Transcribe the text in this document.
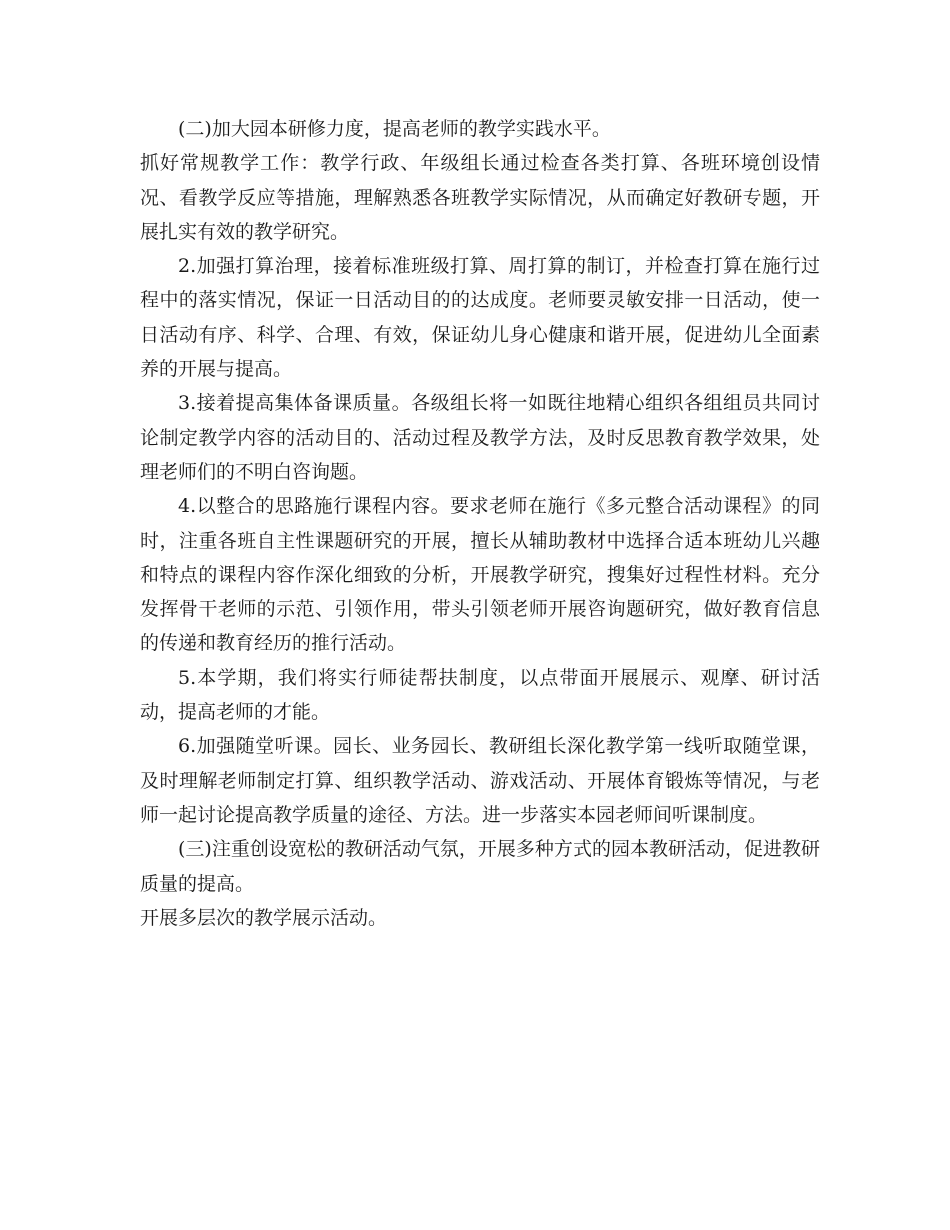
(二)加大园本研修力度，提高老师的教学实践水平。

抓好常规教学工作：教学行政、年级组长通过检查各类打算、各班环境创设情况、看教学反应等措施，理解熟悉各班教学实际情况，从而确定好教研专题，开展扎实有效的教学研究。

2.加强打算治理，接着标准班级打算、周打算的制订，并检查打算在施行过程中的落实情况，保证一日活动目的的达成度。老师要灵敏安排一日活动，使一日活动有序、科学、合理、有效，保证幼儿身心健康和谐开展，促进幼儿全面素养的开展与提高。

3.接着提高集体备课质量。各级组长将一如既往地精心组织各组组员共同讨论制定教学内容的活动目的、活动过程及教学方法，及时反思教育教学效果，处理老师们的不明白咨询题。

4.以整合的思路施行课程内容。要求老师在施行《多元整合活动课程》的同时，注重各班自主性课题研究的开展，擅长从辅助教材中选择合适本班幼儿兴趣和特点的课程内容作深化细致的分析，开展教学研究，搜集好过程性材料。充分发挥骨干老师的示范、引领作用，带头引领老师开展咨询题研究，做好教育信息的传递和教育经历的推行活动。

5.本学期，我们将实行师徒帮扶制度，以点带面开展展示、观摩、研讨活动，提高老师的才能。

6.加强随堂听课。园长、业务园长、教研组长深化教学第一线听取随堂课，及时理解老师制定打算、组织教学活动、游戏活动、开展体育锻炼等情况，与老师一起讨论提高教学质量的途径、方法。进一步落实本园老师间听课制度。

(三)注重创设宽松的教研活动气氛，开展多种方式的园本教研活动，促进教研质量的提高。

开展多层次的教学展示活动。
